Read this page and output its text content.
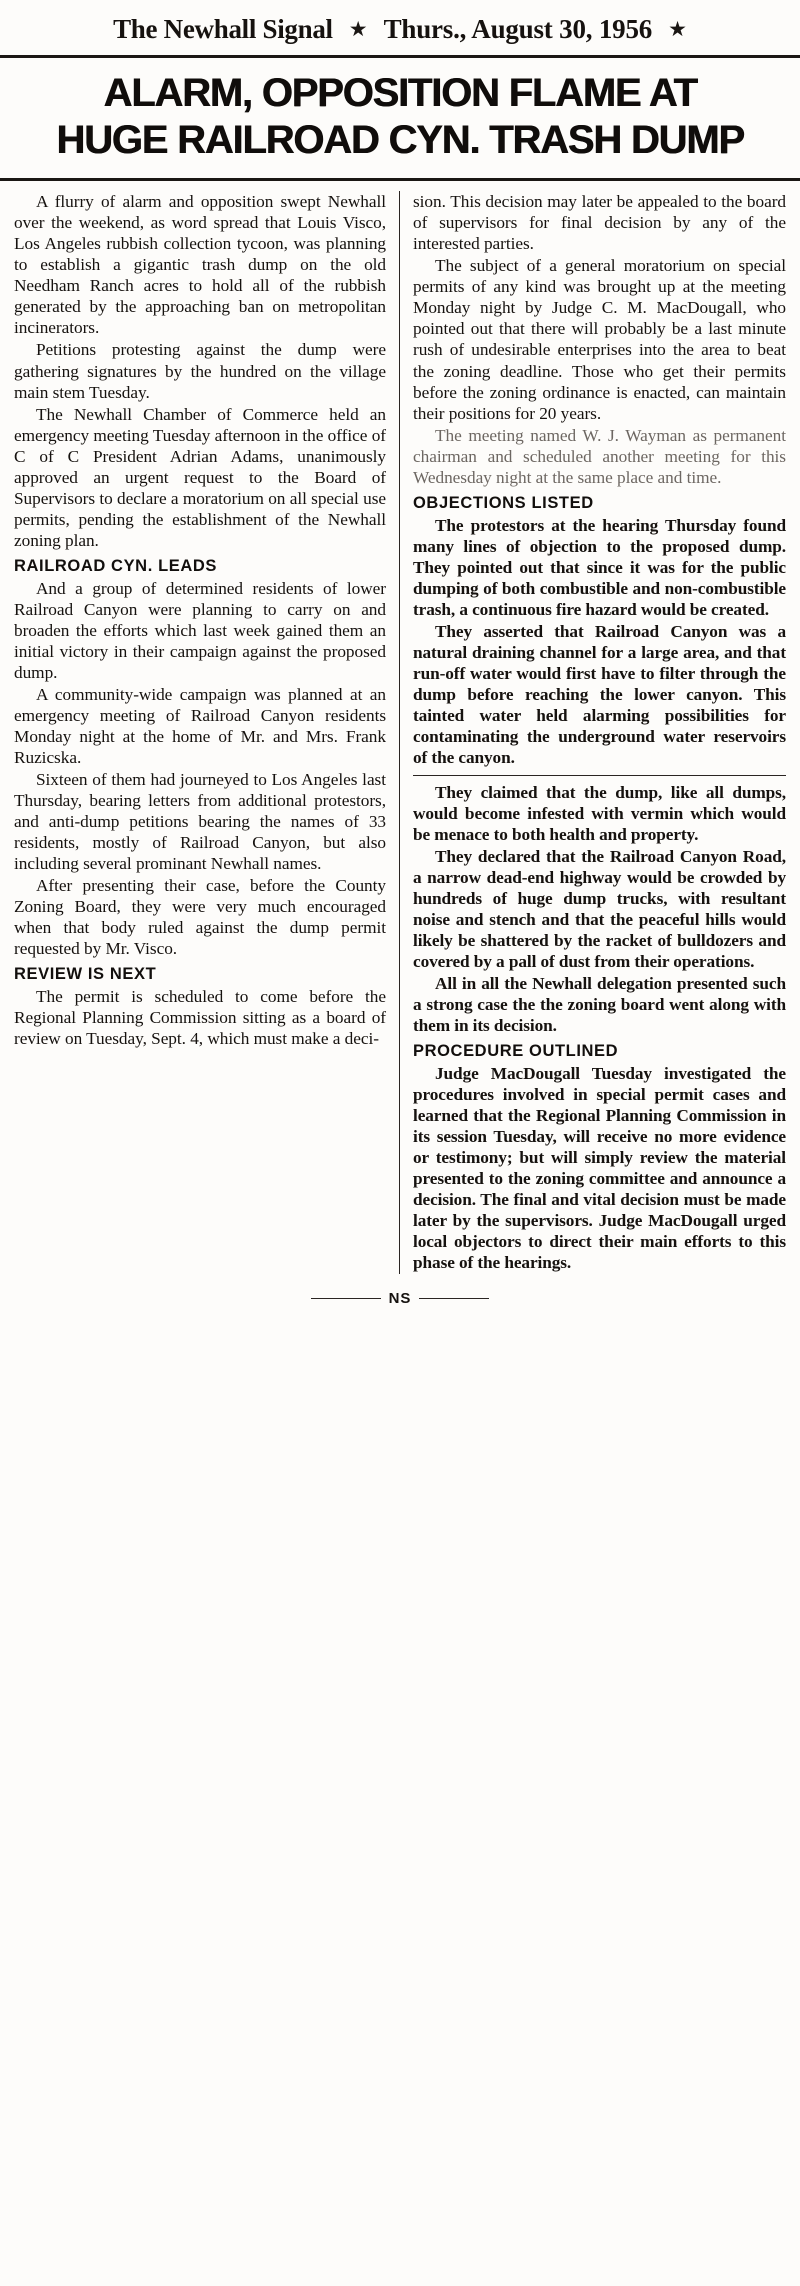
The Newhall Signal ★ Thurs., August 30, 1956 ★
ALARM, OPPOSITION FLAME AT
HUGE RAILROAD CYN. TRASH DUMP

A flurry of alarm and opposition swept Newhall over the weekend, as word spread that Louis Visco, Los Angeles rubbish collection tycoon, was planning to establish a gigantic trash dump on the old Needham Ranch acres to hold all of the rubbish generated by the approaching ban on metropolitan incinerators.

Petitions protesting against the dump were gathering signatures by the hundred on the village main stem Tuesday.

The Newhall Chamber of Commerce held an emergency meeting Tuesday afternoon in the office of C of C President Adrian Adams, unanimously approved an urgent request to the Board of Supervisors to declare a moratorium on all special use permits, pending the establishment of the Newhall zoning plan.

RAILROAD CYN. LEADS

And a group of determined residents of lower Railroad Canyon were planning to carry on and broaden the efforts which last week gained them an initial victory in their campaign against the proposed dump.

A community-wide campaign was planned at an emergency meeting of Railroad Canyon residents Monday night at the home of Mr. and Mrs. Frank Ruzicska.

Sixteen of them had journeyed to Los Angeles last Thursday, bearing letters from additional protestors, and anti-dump petitions bearing the names of 33 residents, mostly of Railroad Canyon, but also including several prominant Newhall names.

After presenting their case, before the County Zoning Board, they were very much encouraged when that body ruled against the dump permit requested by Mr. Visco.

REVIEW IS NEXT

The permit is scheduled to come before the Regional Planning Commission sitting as a board of review on Tuesday, Sept. 4, which must make a deci-

sion. This decision may later be appealed to the board of supervisors for final decision by any of the interested parties.

The subject of a general moratorium on special permits of any kind was brought up at the meeting Monday night by Judge C. M. MacDougall, who pointed out that there will probably be a last minute rush of undesirable enterprises into the area to beat the zoning deadline. Those who get their permits before the zoning ordinance is enacted, can maintain their positions for 20 years.

The meeting named W. J. Wayman as permanent chairman and scheduled another meeting for this Wednesday night at the same place and time.

OBJECTIONS LISTED

The protestors at the hearing Thursday found many lines of objection to the proposed dump. They pointed out that since it was for the public dumping of both combustible and non-combustible trash, a continuous fire hazard would be created.

They asserted that Railroad Canyon was a natural draining channel for a large area, and that run-off water would first have to filter through the dump before reaching the lower canyon. This tainted water held alarming possibilities for contaminating the underground water reservoirs of the canyon.

They claimed that the dump, like all dumps, would become infested with vermin which would be menace to both health and property.

They declared that the Railroad Canyon Road, a narrow dead-end highway would be crowded by hundreds of huge dump trucks, with resultant noise and stench and that the peaceful hills would likely be shattered by the racket of bulldozers and covered by a pall of dust from their operations.

All in all the Newhall delegation presented such a strong case the the zoning board went along with them in its decision.

PROCEDURE OUTLINED

Judge MacDougall Tuesday investigated the procedures involved in special permit cases and learned that the Regional Planning Commission in its session Tuesday, will receive no more evidence or testimony; but will simply review the material presented to the zoning committee and announce a decision. The final and vital decision must be made later by the supervisors. Judge MacDougall urged local objectors to direct their main efforts to this phase of the hearings.

NS
